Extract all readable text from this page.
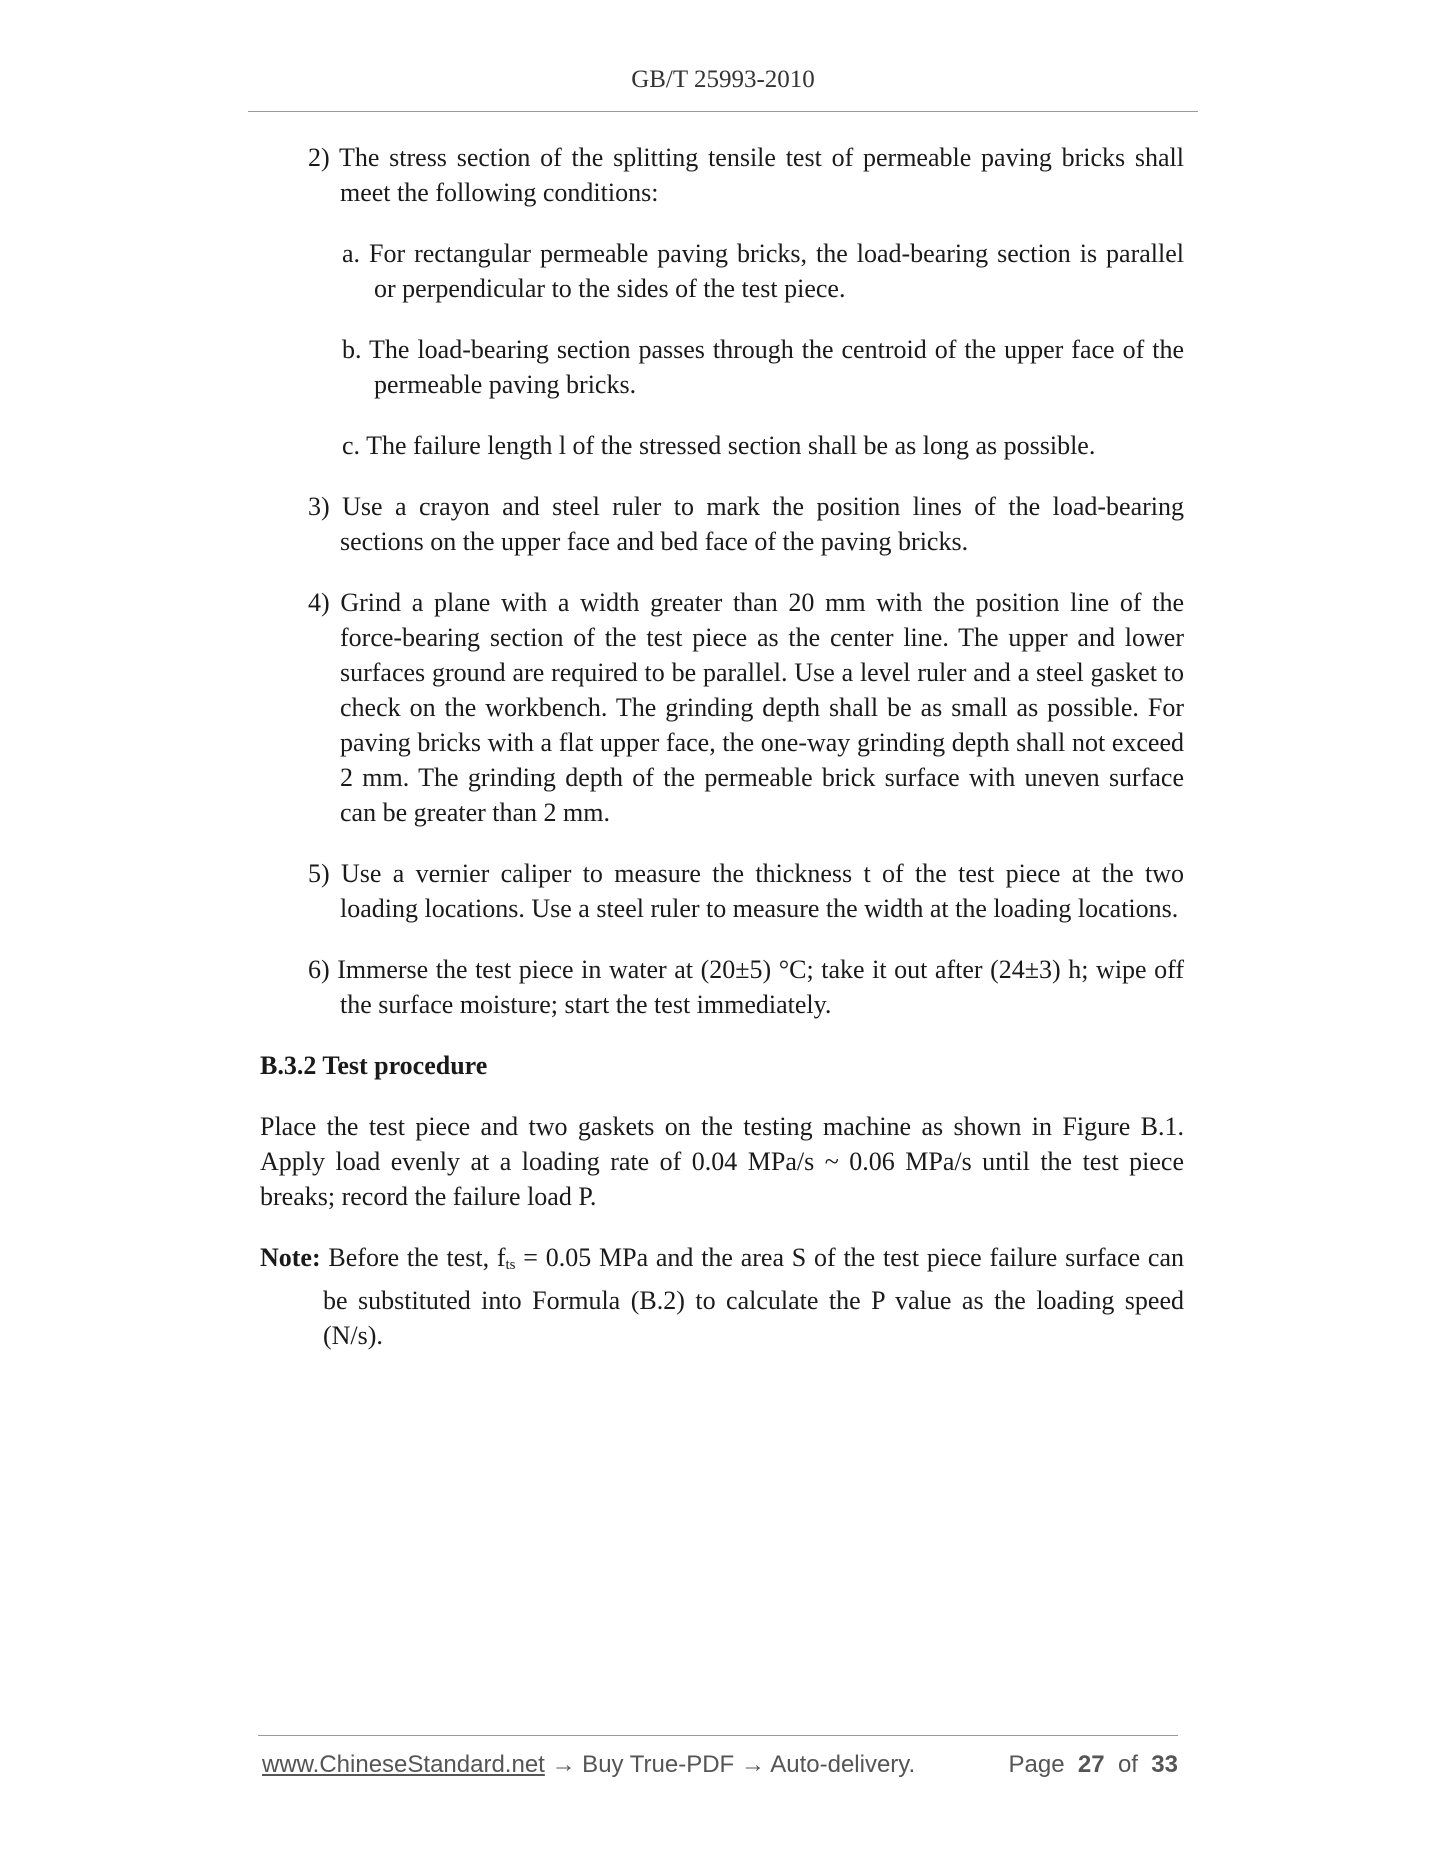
GB/T 25993-2010
2) The stress section of the splitting tensile test of permeable paving bricks shall meet the following conditions:
a. For rectangular permeable paving bricks, the load-bearing section is parallel or perpendicular to the sides of the test piece.
b. The load-bearing section passes through the centroid of the upper face of the permeable paving bricks.
c. The failure length l of the stressed section shall be as long as possible.
3) Use a crayon and steel ruler to mark the position lines of the load-bearing sections on the upper face and bed face of the paving bricks.
4) Grind a plane with a width greater than 20 mm with the position line of the force-bearing section of the test piece as the center line. The upper and lower surfaces ground are required to be parallel. Use a level ruler and a steel gasket to check on the workbench. The grinding depth shall be as small as possible. For paving bricks with a flat upper face, the one-way grinding depth shall not exceed 2 mm. The grinding depth of the permeable brick surface with uneven surface can be greater than 2 mm.
5) Use a vernier caliper to measure the thickness t of the test piece at the two loading locations. Use a steel ruler to measure the width at the loading locations.
6) Immerse the test piece in water at (20±5) °C; take it out after (24±3) h; wipe off the surface moisture; start the test immediately.
B.3.2 Test procedure
Place the test piece and two gaskets on the testing machine as shown in Figure B.1. Apply load evenly at a loading rate of 0.04 MPa/s ~ 0.06 MPa/s until the test piece breaks; record the failure load P.
Note: Before the test, $f_{ts} = 0.05$ MPa and the area S of the test piece failure surface can be substituted into Formula (B.2) to calculate the P value as the loading speed (N/s).
www.ChineseStandard.net → Buy True-PDF → Auto-delivery.	Page 27 of 33
